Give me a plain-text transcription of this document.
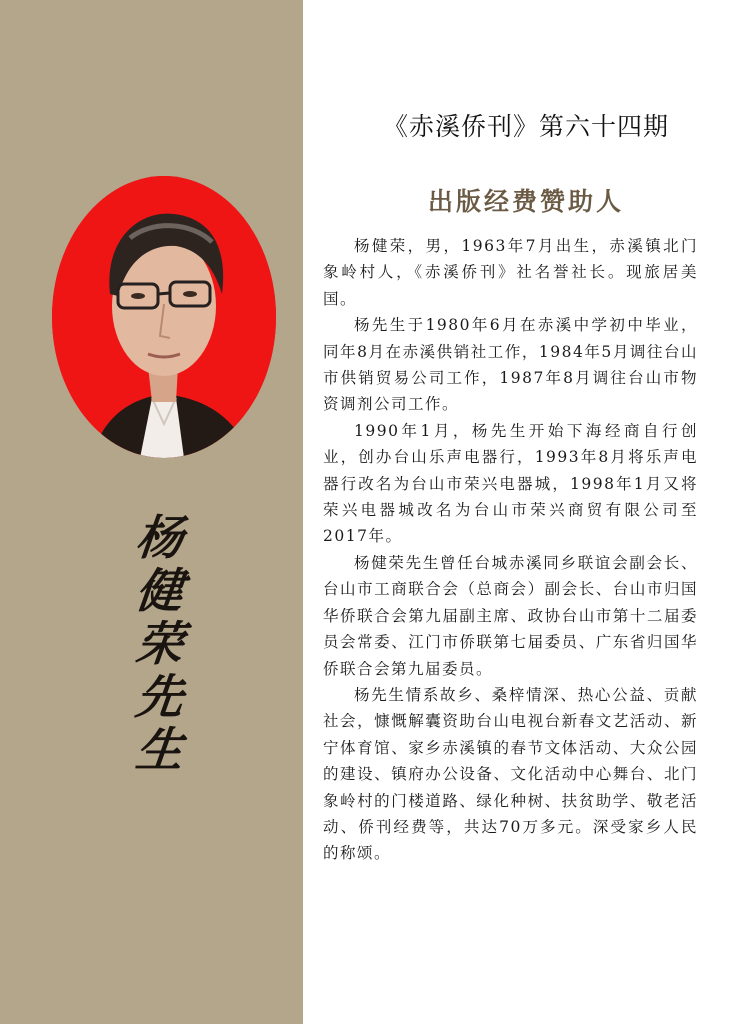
杨
健
荣
先
生
《赤溪侨刊》第六十四期
出版经费赞助人

杨健荣，男，1963年7月出生，赤溪镇北门象岭村人，《赤溪侨刊》社名誉社长。现旅居美国。

杨先生于1980年6月在赤溪中学初中毕业，同年8月在赤溪供销社工作，1984年5月调往台山市供销贸易公司工作，1987年8月调往台山市物资调剂公司工作。

1990年1月，杨先生开始下海经商自行创业，创办台山乐声电器行，1993年8月将乐声电器行改名为台山市荣兴电器城，1998年1月又将荣兴电器城改名为台山市荣兴商贸有限公司至2017年。

杨健荣先生曾任台城赤溪同乡联谊会副会长、台山市工商联合会（总商会）副会长、台山市归国华侨联合会第九届副主席、政协台山市第十二届委员会常委、江门市侨联第七届委员、广东省归国华侨联合会第九届委员。

杨先生情系故乡、桑梓情深、热心公益、贡献社会，慷慨解囊资助台山电视台新春文艺活动、新宁体育馆、家乡赤溪镇的春节文体活动、大众公园的建设、镇府办公设备、文化活动中心舞台、北门象岭村的门楼道路、绿化种树、扶贫助学、敬老活动、侨刊经费等，共达70万多元。深受家乡人民的称颂。
